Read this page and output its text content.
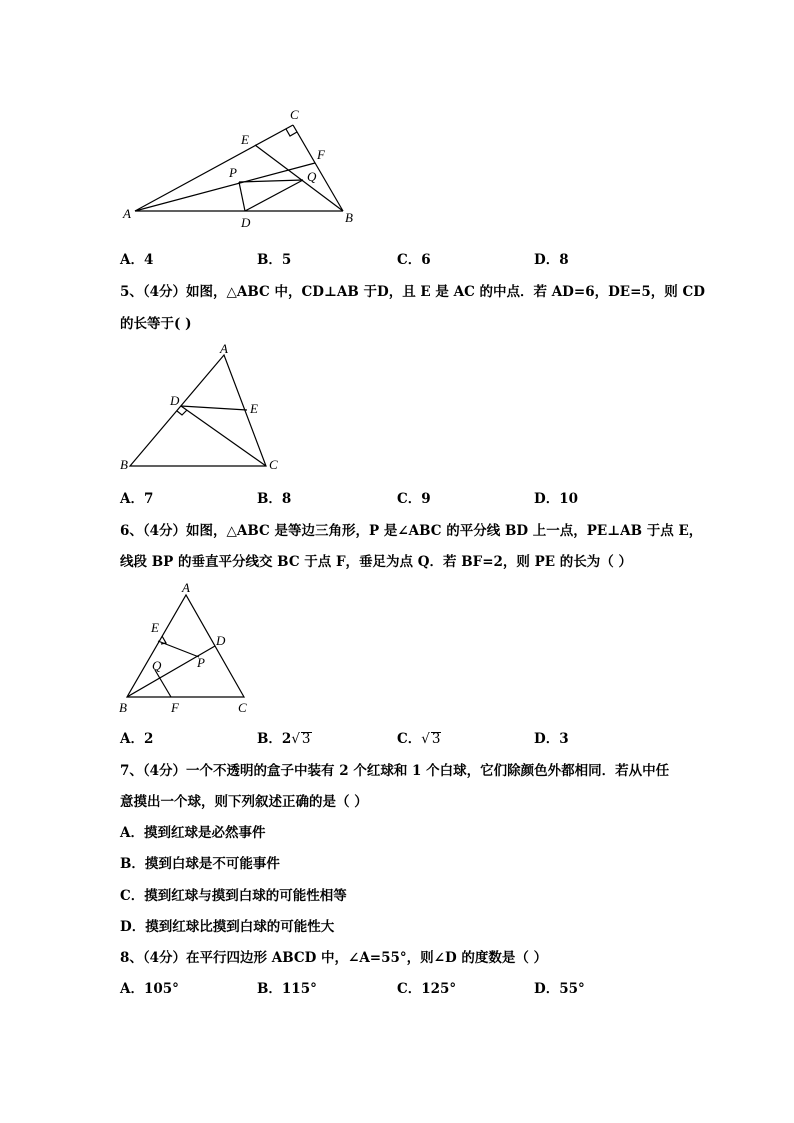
A	B
C
D
E
F
P	Q
A．4	B．5	C．6	D．8
5、（4分）如图，△ABC 中，CD⊥AB 于D，且 E 是 AC 的中点．若 AD=6，DE=5，则 CD
的长等于( )
A
B	C
D
E
A．7	B．8	C．9	D．10
6、（4分）如图，△ABC 是等边三角形，P 是∠ABC 的平分线 BD 上一点，PE⊥AB 于点 E，
线段 BP 的垂直平分线交 BC 于点 F，垂足为点 Q．若 BF=2，则 PE 的长为（ ）
A
B	C
D
E
F
P
Q
A．2	B．2√ 3	C．√ 3	D．3
7、（4分）一个不透明的盒子中装有 2 个红球和 1 个白球，它们除颜色外都相同．若从中任
意摸出一个球，则下列叙述正确的是（ ）
A．摸到红球是必然事件
B．摸到白球是不可能事件
C．摸到红球与摸到白球的可能性相等
D．摸到红球比摸到白球的可能性大
8、（4分）在平行四边形 ABCD 中，∠A=55°，则∠D 的度数是（ ）
A．105°	B．115°	C．125°	D．55°
